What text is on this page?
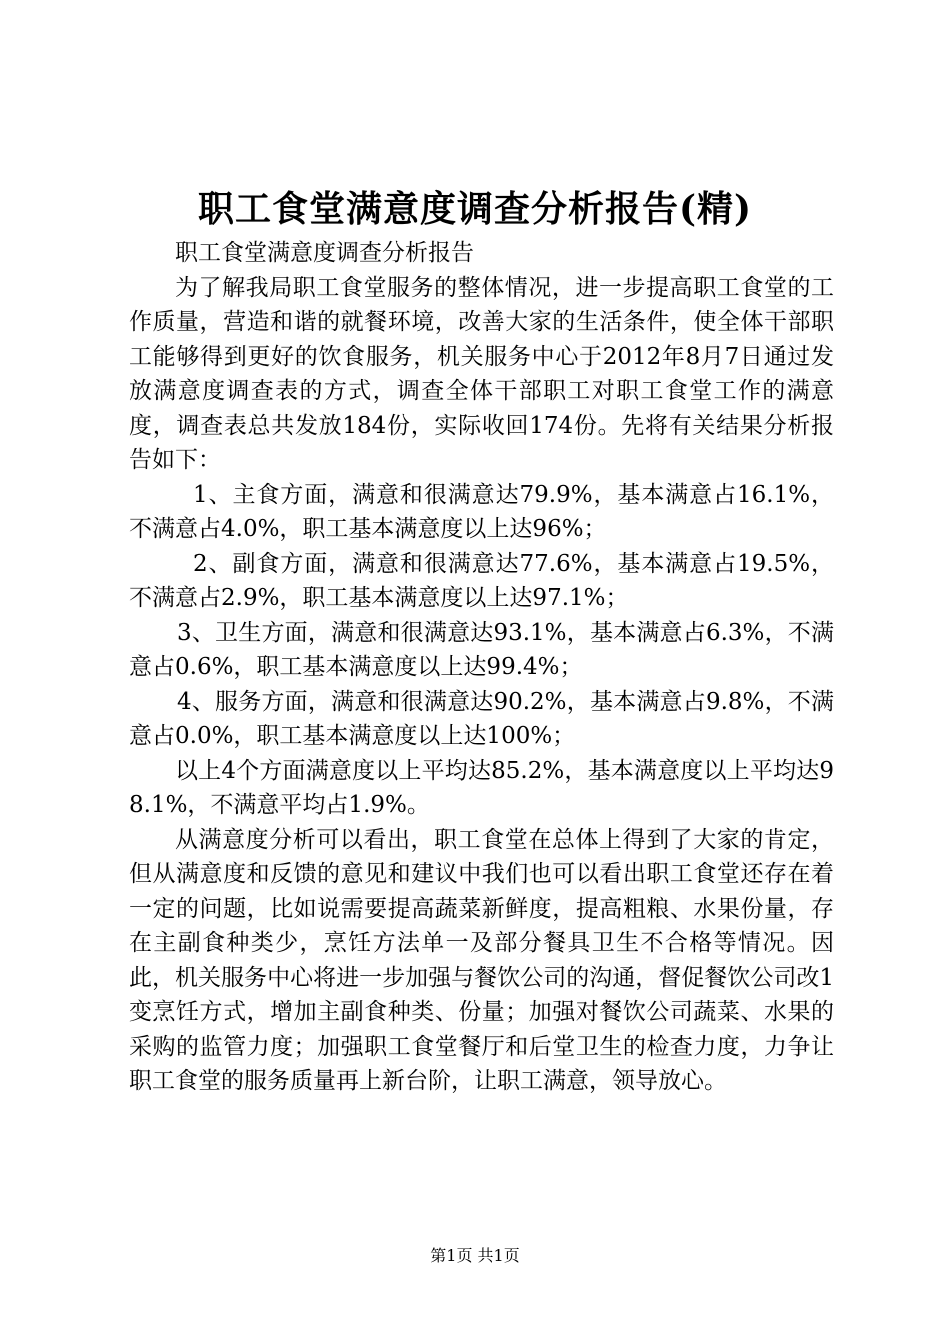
职工食堂满意度调查分析报告(精)

职工食堂满意度调查分析报告

为了解我局职工食堂服务的整体情况，进一步提高职工食堂的工作质量，营造和谐的就餐环境，改善大家的生活条件，使全体干部职工能够得到更好的饮食服务，机关服务中心于2012年8月7日通过发放满意度调查表的方式，调查全体干部职工对职工食堂工作的满意度，调查表总共发放184份，实际收回174份。先将有关结果分析报告如下：

1、主食方面，满意和很满意达79.9%，基本满意占16.1%，不满意占4.0%，职工基本满意度以上达96%；

2、副食方面，满意和很满意达77.6%，基本满意占19.5%，不满意占2.9%，职工基本满意度以上达97.1%；

3、卫生方面，满意和很满意达93.1%，基本满意占6.3%，不满意占0.6%，职工基本满意度以上达99.4%；

4、服务方面，满意和很满意达90.2%，基本满意占9.8%，不满意占0.0%，职工基本满意度以上达100%；

以上4个方面满意度以上平均达85.2%，基本满意度以上平均达98.1%，不满意平均占1.9%。

从满意度分析可以看出，职工食堂在总体上得到了大家的肯定，但从满意度和反馈的意见和建议中我们也可以看出职工食堂还存在着一定的问题，比如说需要提高蔬菜新鲜度，提高粗粮、水果份量，存在主副食种类少，烹饪方法单一及部分餐具卫生不合格等情况。因此，机关服务中心将进一步加强与餐饮公司的沟通，督促餐饮公司改1变烹饪方式，增加主副食种类、份量；加强对餐饮公司蔬菜、水果的采购的监管力度；加强职工食堂餐厅和后堂卫生的检查力度，力争让职工食堂的服务质量再上新台阶，让职工满意，领导放心。

第1页 共1页
